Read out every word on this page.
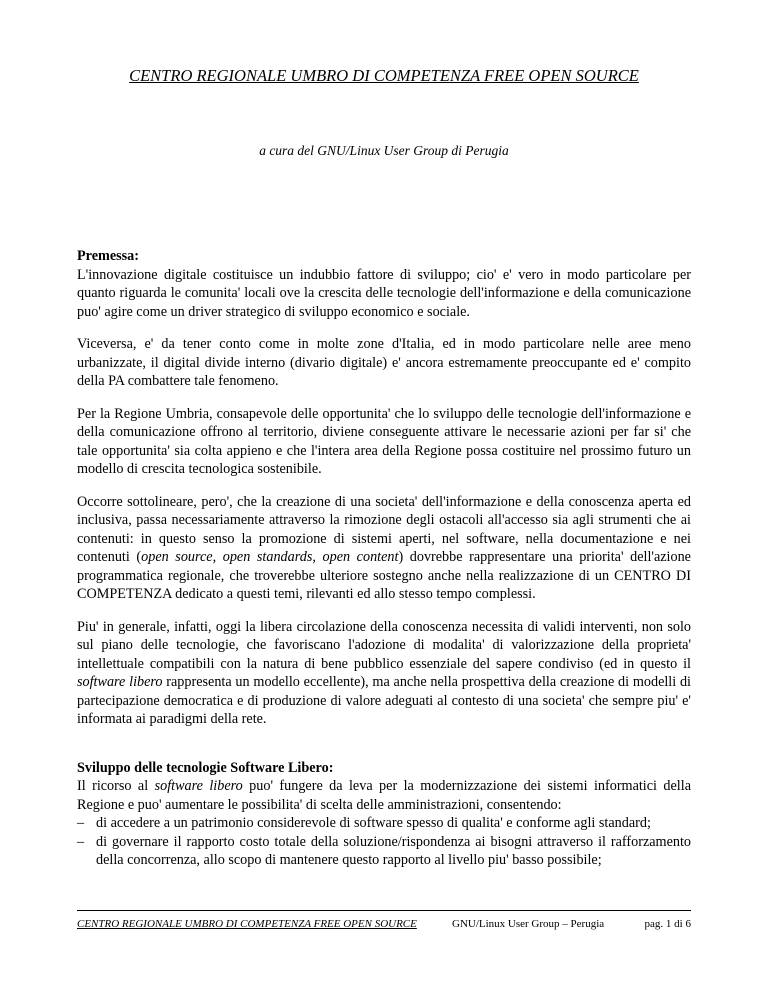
CENTRO REGIONALE UMBRO DI COMPETENZA FREE OPEN SOURCE
a cura del GNU/Linux User Group di Perugia
Premessa:

L'innovazione digitale costituisce un indubbio fattore di sviluppo; cio' e' vero in modo particolare per quanto riguarda le comunita' locali ove la crescita delle tecnologie dell'informazione e della comunicazione puo' agire come un driver strategico di sviluppo economico e sociale.

Viceversa, e' da tener conto come in molte zone d'Italia, ed in modo particolare nelle aree meno urbanizzate, il digital divide interno (divario digitale) e' ancora estremamente preoccupante ed e' compito della PA combattere tale fenomeno.

Per la Regione Umbria, consapevole delle opportunita' che lo sviluppo delle tecnologie dell'informazione e della comunicazione offrono al territorio, diviene conseguente attivare le necessarie azioni per far si' che tale opportunita' sia colta appieno e che l'intera area della Regione possa costituire nel prossimo futuro un modello di crescita tecnologica sostenibile.

Occorre sottolineare, pero', che la creazione di una societa' dell'informazione e della conoscenza aperta ed inclusiva, passa necessariamente attraverso la rimozione degli ostacoli all'accesso sia agli strumenti che ai contenuti: in questo senso la promozione di sistemi aperti, nel software, nella documentazione e nei contenuti (open source, open standards, open content) dovrebbe rappresentare una priorita' dell'azione programmatica regionale, che troverebbe ulteriore sostegno anche nella realizzazione di un CENTRO DI COMPETENZA dedicato a questi temi, rilevanti ed allo stesso tempo complessi.

Piu' in generale, infatti, oggi la libera circolazione della conoscenza necessita di validi interventi, non solo sul piano delle tecnologie, che favoriscano l'adozione di modalita' di valorizzazione della proprieta' intellettuale compatibili con la natura di bene pubblico essenziale del sapere condiviso (ed in questo il software libero rappresenta un modello eccellente), ma anche nella prospettiva della creazione di modelli di partecipazione democratica e di produzione di valore adeguati al contesto di una societa' che sempre piu' e' informata ai paradigmi della rete.

Sviluppo delle tecnologie Software Libero:

Il ricorso al software libero puo' fungere da leva per la modernizzazione dei sistemi informatici della Regione e puo' aumentare le possibilita' di scelta delle amministrazioni, consentendo:

– di accedere a un patrimonio considerevole di software spesso di qualita' e conforme agli standard;
– di governare il rapporto costo totale della soluzione/rispondenza ai bisogni attraverso il rafforzamento della concorrenza, allo scopo di mantenere questo rapporto al livello piu' basso possibile;
CENTRO REGIONALE UMBRO DI COMPETENZA FREE OPEN SOURCE	GNU/Linux User Group – Perugia	pag. 1 di 6
